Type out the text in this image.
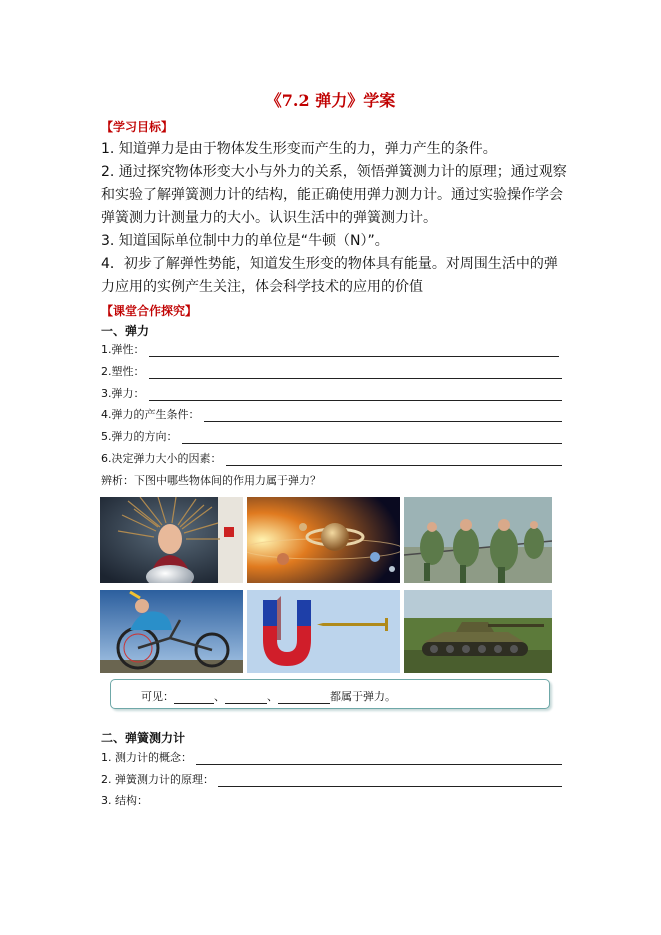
《7.2 弹力》学案
【学习目标】

1. 知道弹力是由于物体发生形变而产生的力，弹力产生的条件。

2. 通过探究物体形变大小与外力的关系，领悟弹簧测力计的原理；通过观察和实验了解弹簧测力计的结构，能正确使用弹力测力计。通过实验操作学会弹簧测力计测量力的大小。认识生活中的弹簧测力计。

3. 知道国际单位制中力的单位是“牛顿（N）”。

4．初步了解弹性势能，知道发生形变的物体具有能量。对周围生活中的弹力应用的实例产生关注，体会科学技术的应用的价值

【课堂合作探究】
一、弹力
1.弹性：
2.塑性：
3.弹力：
4.弹力的产生条件：
5.弹力的方向：
6.决定弹力大小的因素：
辨析：下图中哪些物体间的作用力属于弹力？
可见：	、	、	都属于弹力。
二、弹簧测力计
1. 测力计的概念：
2. 弹簧测力计的原理：
3. 结构：
